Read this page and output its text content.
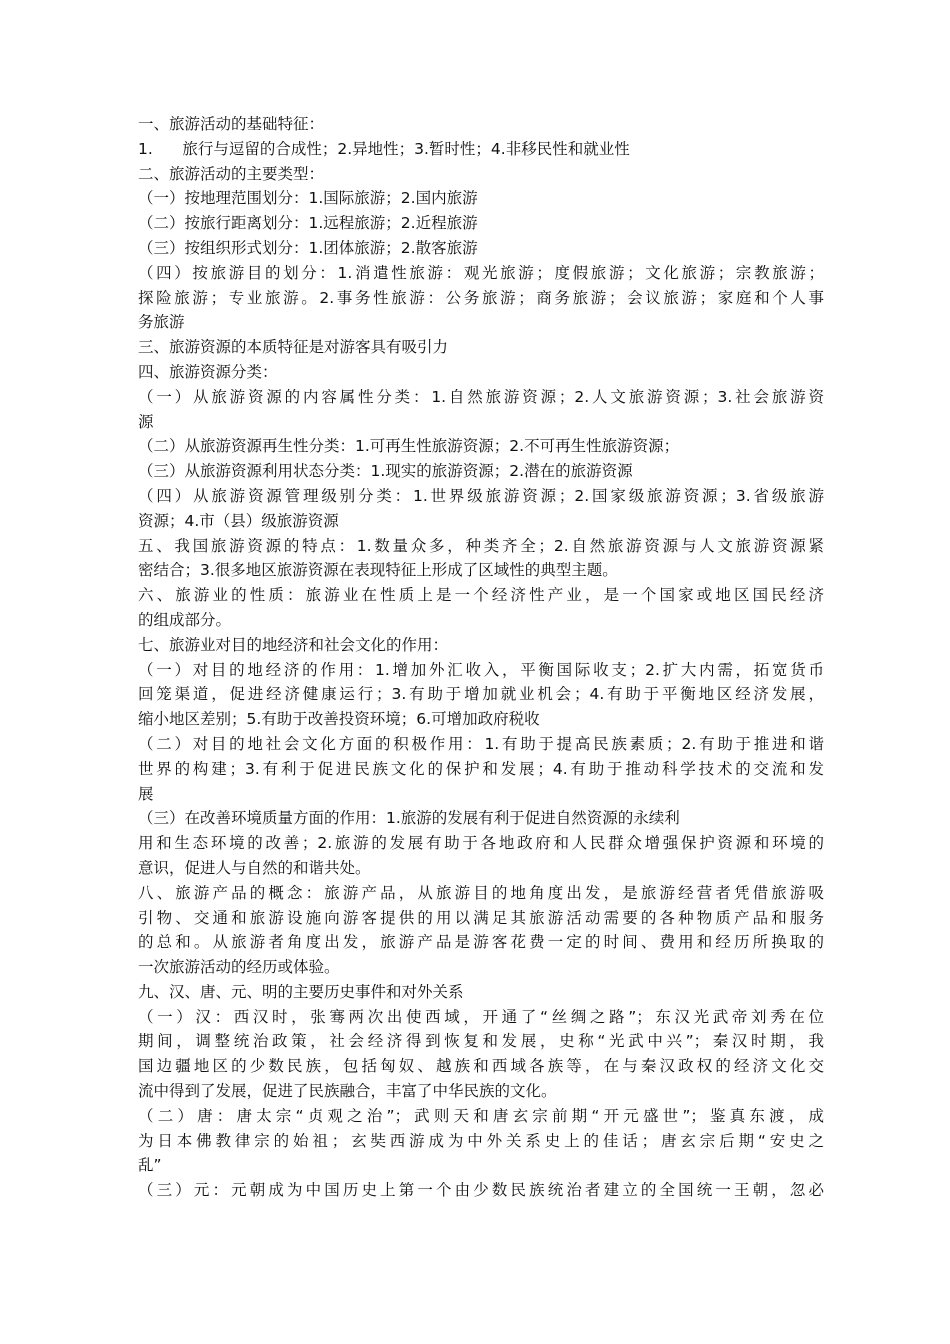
一、旅游活动的基础特征：
1.      旅行与逗留的合成性；2.异地性；3.暂时性；4.非移民性和就业性
二、旅游活动的主要类型：
（一）按地理范围划分：1.国际旅游；2.国内旅游
（二）按旅行距离划分：1.远程旅游；2.近程旅游
（三）按组织形式划分：1.团体旅游；2.散客旅游
（四）按旅游目的划分：1.消遣性旅游：观光旅游；度假旅游；文化旅游；宗教旅游；
探险旅游；专业旅游。2.事务性旅游：公务旅游；商务旅游；会议旅游；家庭和个人事
务旅游
三、旅游资源的本质特征是对游客具有吸引力
四、旅游资源分类：
（一）从旅游资源的内容属性分类：1.自然旅游资源；2.人文旅游资源；3.社会旅游资
源
（二）从旅游资源再生性分类：1.可再生性旅游资源；2.不可再生性旅游资源；
（三）从旅游资源利用状态分类：1.现实的旅游资源；2.潜在的旅游资源
（四）从旅游资源管理级别分类：1.世界级旅游资源；2.国家级旅游资源；3.省级旅游
资源；4.市（县）级旅游资源
五、我国旅游资源的特点：1.数量众多，种类齐全；2.自然旅游资源与人文旅游资源紧
密结合；3.很多地区旅游资源在表现特征上形成了区域性的典型主题。
六、旅游业的性质：旅游业在性质上是一个经济性产业，是一个国家或地区国民经济
的组成部分。
七、旅游业对目的地经济和社会文化的作用：
（一）对目的地经济的作用：1.增加外汇收入，平衡国际收支；2.扩大内需，拓宽货币
回笼渠道，促进经济健康运行；3.有助于增加就业机会；4.有助于平衡地区经济发展，
缩小地区差别；5.有助于改善投资环境；6.可增加政府税收
（二）对目的地社会文化方面的积极作用：1.有助于提高民族素质；2.有助于推进和谐
世界的构建；3.有利于促进民族文化的保护和发展；4.有助于推动科学技术的交流和发
展
（三）在改善环境质量方面的作用：1.旅游的发展有利于促进自然资源的永续利
用和生态环境的改善；2.旅游的发展有助于各地政府和人民群众增强保护资源和环境的
意识，促进人与自然的和谐共处。
八、旅游产品的概念：旅游产品，从旅游目的地角度出发，是旅游经营者凭借旅游吸
引物、交通和旅游设施向游客提供的用以满足其旅游活动需要的各种物质产品和服务
的总和。从旅游者角度出发，旅游产品是游客花费一定的时间、费用和经历所换取的
一次旅游活动的经历或体验。
九、汉、唐、元、明的主要历史事件和对外关系
（一）汉：西汉时，张骞两次出使西域，开通了“丝绸之路”；东汉光武帝刘秀在位
期间，调整统治政策，社会经济得到恢复和发展，史称“光武中兴”；秦汉时期，我
国边疆地区的少数民族，包括匈奴、越族和西域各族等，在与秦汉政权的经济文化交
流中得到了发展，促进了民族融合，丰富了中华民族的文化。
（二）唐：唐太宗“贞观之治”；武则天和唐玄宗前期“开元盛世”；鉴真东渡，成
为日本佛教律宗的始祖；玄奘西游成为中外关系史上的佳话；唐玄宗后期“安史之
乱”
（三）元：元朝成为中国历史上第一个由少数民族统治者建立的全国统一王朝，忽必
